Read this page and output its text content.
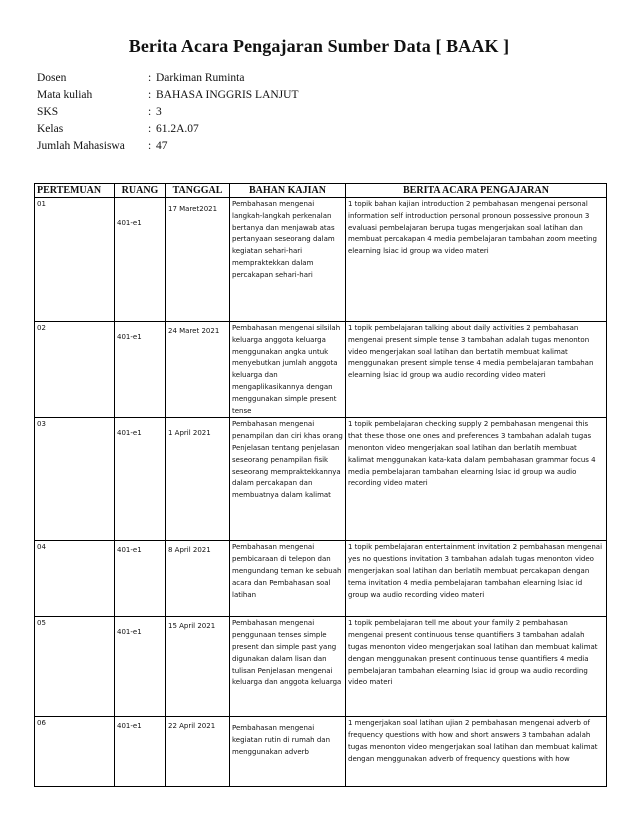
Berita Acara Pengajaran Sumber Data [ BAAK ]
Dosen	: Darkiman Ruminta
Mata kuliah	: BAHASA INGGRIS LANJUT
SKS	: 3
Kelas	: 61.2A.07
Jumlah Mahasiswa	: 47
PERTEMUAN	RUANG	TANGGAL	BAHAN KAJIAN	BERITA ACARA PENGAJARAN
01	401-e1	17 Maret2021	Pembahasan mengenai langkah-langkah perkenalan bertanya dan menjawab atas pertanyaan seseorang dalam kegiatan sehari-hari mempraktekkan dalam percakapan sehari-hari	1 topik bahan kajian introduction 2 pembahasan mengenai personal information self introduction personal pronoun possessive pronoun 3 evaluasi pembelajaran berupa tugas mengerjakan soal latihan dan membuat percakapan 4 media pembelajaran tambahan zoom meeting elearning lsiac id group wa video materi
02	401-e1	24 Maret 2021	Pembahasan mengenai silsilah keluarga anggota keluarga menggunakan angka untuk menyebutkan jumlah anggota keluarga dan mengaplikasikannya dengan menggunakan simple present tense	1 topik pembelajaran talking about daily activities 2 pembahasan mengenai present simple tense 3 tambahan adalah tugas menonton video mengerjakan soal latihan dan bertatih membuat kalimat menggunakan present simple tense 4 media pembelajaran tambahan elearning lsiac id group wa audio recording video materi
03	401-e1	1 April 2021	Pembahasan mengenai penampilan dan ciri khas orang Penjelasan tentang penjelasan seseorang penampilan fisik seseorang mempraktekkannya dalam percakapan dan membuatnya dalam kalimat	1 topik pembelajaran checking supply 2 pembahasan mengenai this that these those one ones and preferences 3 tambahan adalah tugas menonton video mengerjakan soal latihan dan berlatih membuat kalimat menggunakan kata-kata dalam pembahasan grammar focus 4 media pembelajaran tambahan elearning lsiac id group wa audio recording video materi
04	401-e1	8 April 2021	Pembahasan mengenai pembicaraan di telepon dan mengundang teman ke sebuah acara dan Pembahasan soal latihan	1 topik pembelajaran entertainment invitation 2 pembahasan mengenai yes no questions invitation 3 tambahan adalah tugas menonton video mengerjakan soal latihan dan berlatih membuat percakapan dengan tema invitation 4 media pembelajaran tambahan elearning lsiac id group wa audio recording video materi
05	401-e1	15 April 2021	Pembahasan mengenai penggunaan tenses simple present dan simple past yang digunakan dalam lisan dan tulisan Penjelasan mengenai keluarga dan anggota keluarga	1 topik pembelajaran tell me about your family 2 pembahasan mengenai present continuous tense quantifiers 3 tambahan adalah tugas menonton video mengerjakan soal latihan dan membuat kalimat dengan menggunakan present continuous tense quantifiers 4 media pembelajaran tambahan elearning lsiac id group wa audio recording video materi
06	401-e1	22 April 2021	Pembahasan mengenai kegiatan rutin di rumah dan menggunakan adverb	1 mengerjakan soal latihan ujian 2 pembahasan mengenai adverb of frequency questions with how and short answers 3 tambahan adalah tugas menonton video mengerjakan soal latihan dan membuat kalimat dengan menggunakan adverb of frequency questions with how
